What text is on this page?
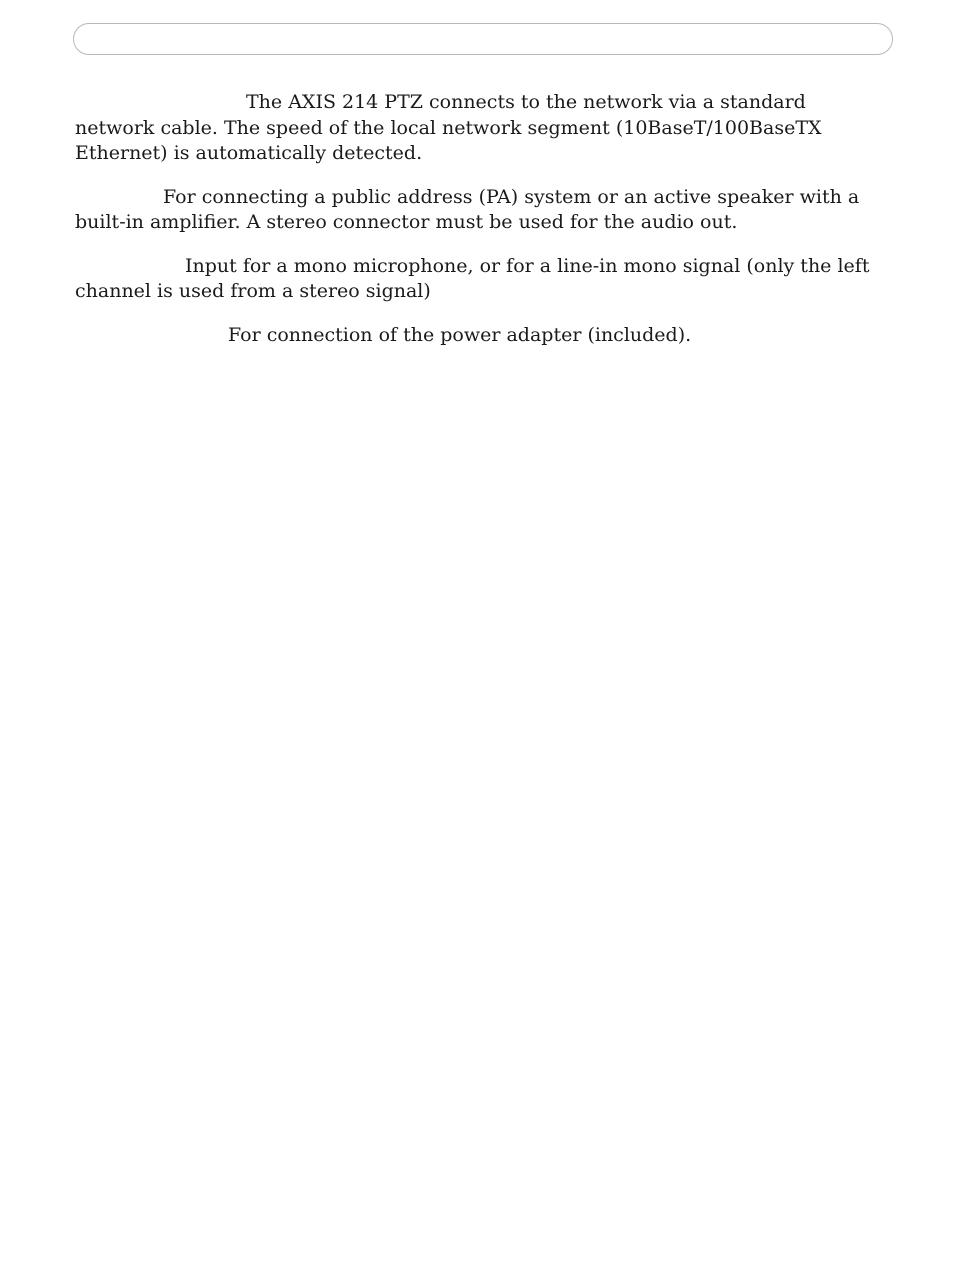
The AXIS 214 PTZ connects to the network via a standard network cable. The speed of the local network segment (10BaseT/100BaseTX Ethernet) is automatically detected.

For connecting a public address (PA) system or an active speaker with a built-in amplifier. A stereo connector must be used for the audio out.

Input for a mono microphone, or for a line-in mono signal (only the left channel is used from a stereo signal)

For connection of the power adapter (included).
